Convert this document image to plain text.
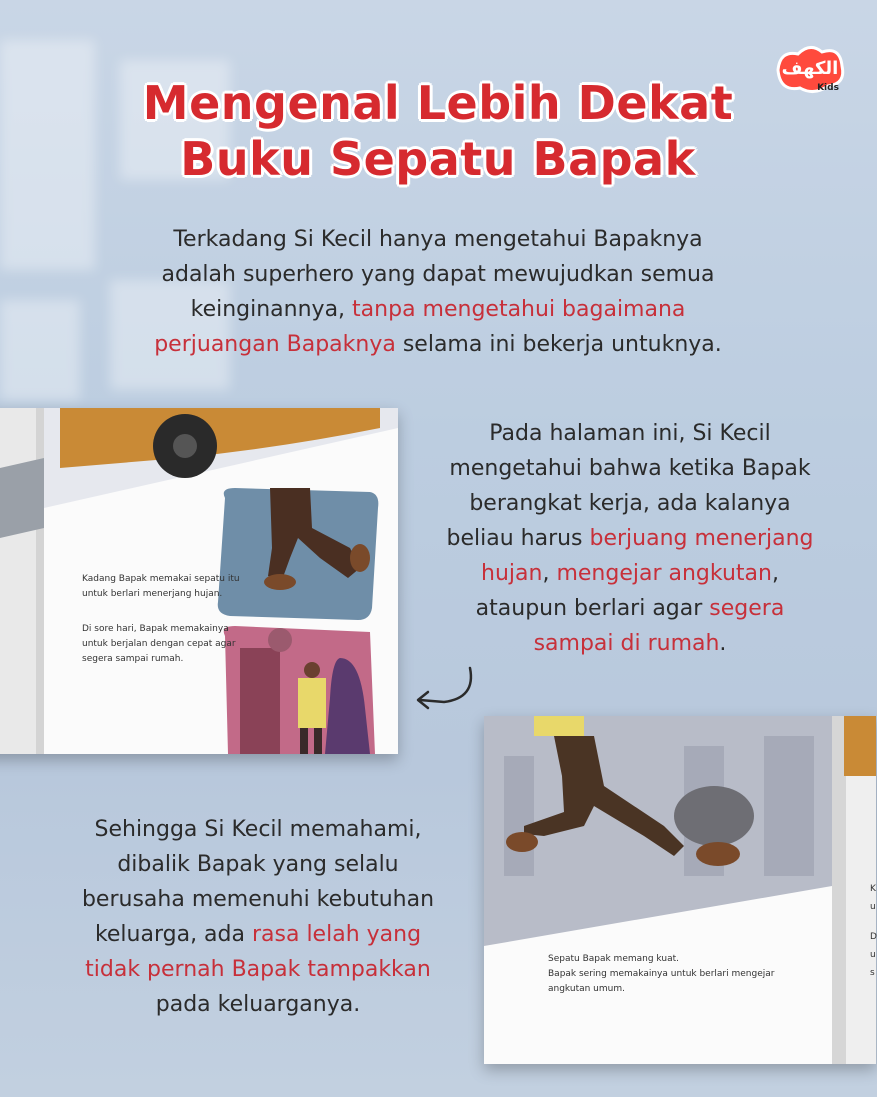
الكهف
Kids
Mengenal Lebih Dekat
Buku Sepatu Bapak
Terkadang Si Kecil hanya mengetahui Bapaknya
adalah superhero yang dapat mewujudkan semua
keinginannya, tanpa mengetahui bagaimana
perjuangan Bapaknya selama ini bekerja untuknya.
Kadang Bapak memakai sepatu itu
untuk berlari menerjang hujan.
Di sore hari, Bapak memakainya
untuk berjalan dengan cepat agar
segera sampai rumah.
Pada halaman ini, Si Kecil
mengetahui bahwa ketika Bapak
berangkat kerja, ada kalanya
beliau harus berjuang menerjang
hujan, mengejar angkutan,
ataupun berlari agar segera
sampai di rumah.
Sepatu Bapak memang kuat.
Bapak sering memakainya untuk berlari mengejar
angkutan umum.
K
u
D
u
s
Sehingga Si Kecil memahami,
dibalik Bapak yang selalu
berusaha memenuhi kebutuhan
keluarga, ada rasa lelah yang
tidak pernah Bapak tampakkan
pada keluarganya.
